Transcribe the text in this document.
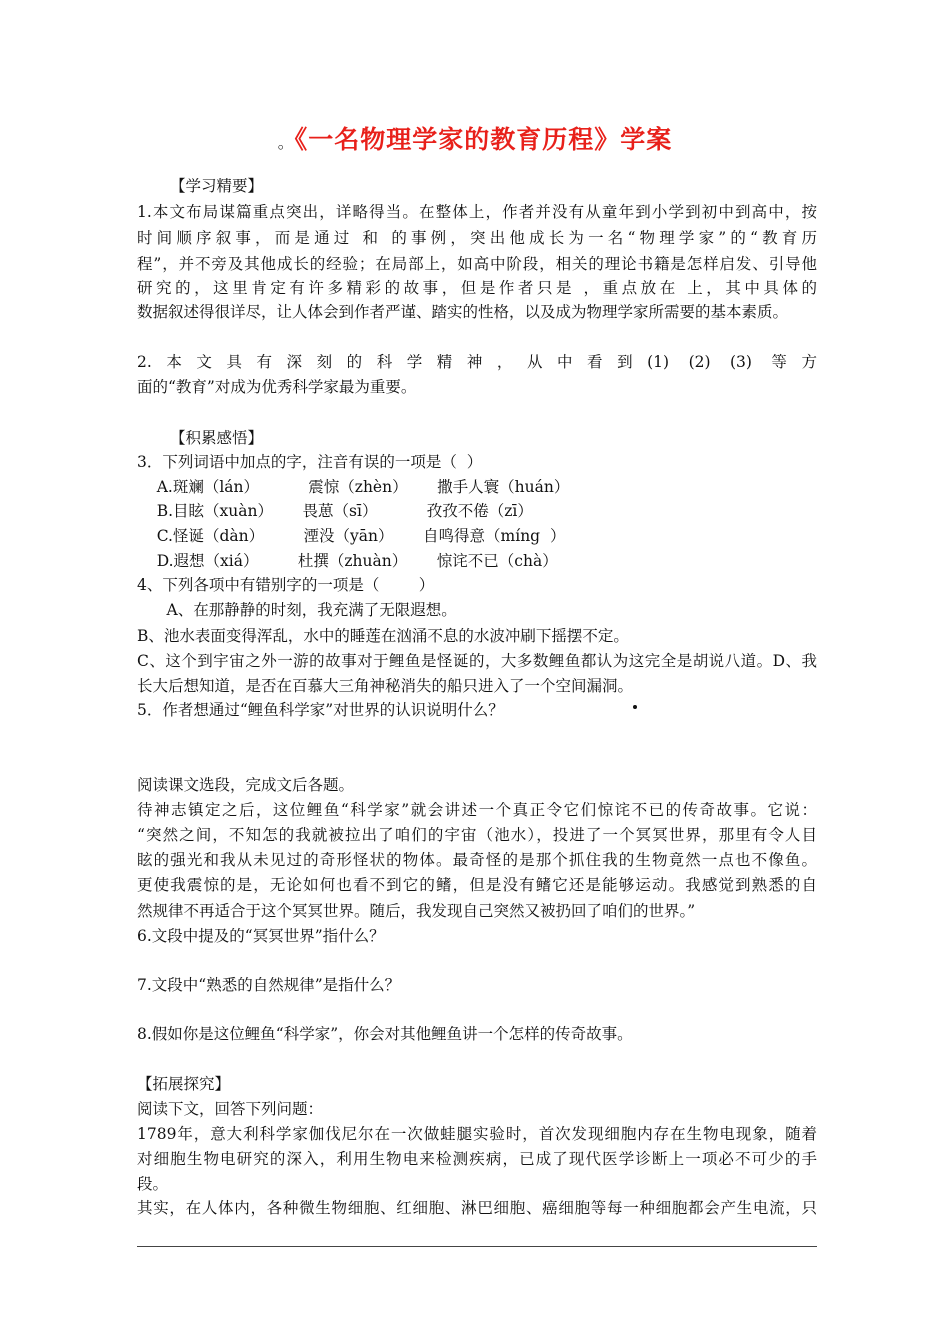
。《一名物理学家的教育历程》学案
【学习精要】
1.本文布局谋篇重点突出，详略得当。在整体上，作者并没有从童年到小学到初中到高中，按
时间顺序叙事，而是通过 和 的事例，突出他成长为一名“物理学家”的“教育历
程”，并不旁及其他成长的经验；在局部上，如高中阶段，相关的理论书籍是怎样启发、引导他
研究的，这里肯定有许多精彩的故事，但是作者只是 ，重点放在 上，其中具体的
数据叙述得很详尽，让人体会到作者严谨、踏实的性格，以及成为物理学家所需要的基本素质。
2.本文具有深刻的科学精神，从中看到(1) (2) (3) 等方
面的“教育”对成为优秀科学家最为重要。
【积累感悟】
3．下列词语中加点的字，注音有误的一项是（  ）
A.斑斓（lán）          震惊（zhèn）      撒手人寰（huán）
B.目眩（xuàn）      畏葸（sī）          孜孜不倦（zī）
C.怪诞（dàn）        湮没（yān）      自鸣得意（míng  ）
D.遐想（xiá）        杜撰（zhuàn）      惊诧不已（chà）
4、下列各项中有错别字的一项是（        ）
A、在那静静的时刻，我充满了无限遐想。
B、池水表面变得浑乱，水中的睡莲在汹涌不息的水波冲刷下摇摆不定。
C、这个到宇宙之外一游的故事对于鲤鱼是怪诞的，大多数鲤鱼都认为这完全是胡说八道。D、我
长大后想知道，是否在百慕大三角神秘消失的船只进入了一个空间漏洞。
5．作者想通过“鲤鱼科学家”对世界的认识说明什么？
阅读课文选段，完成文后各题。
待神志镇定之后，这位鲤鱼“科学家”就会讲述一个真正令它们惊诧不已的传奇故事。它说：
“突然之间，不知怎的我就被拉出了咱们的宇宙（池水），投进了一个冥冥世界，那里有令人目
眩的强光和我从未见过的奇形怪状的物体。最奇怪的是那个抓住我的生物竟然一点也不像鱼。
更使我震惊的是，无论如何也看不到它的鳍，但是没有鳍它还是能够运动。我感觉到熟悉的自
然规律不再适合于这个冥冥世界。随后，我发现自己突然又被扔回了咱们的世界。”
6.文段中提及的“冥冥世界”指什么？
7.文段中“熟悉的自然规律”是指什么？
8.假如你是这位鲤鱼“科学家”，你会对其他鲤鱼讲一个怎样的传奇故事。
【拓展探究】
阅读下文，回答下列问题：
1789年，意大利科学家伽伐尼尔在一次做蛙腿实验时，首次发现细胞内存在生物电现象，随着
对细胞生物电研究的深入，利用生物电来检测疾病，已成了现代医学诊断上一项必不可少的手
段。
其实，在人体内，各种微生物细胞、红细胞、淋巴细胞、癌细胞等每一种细胞都会产生电流，只
